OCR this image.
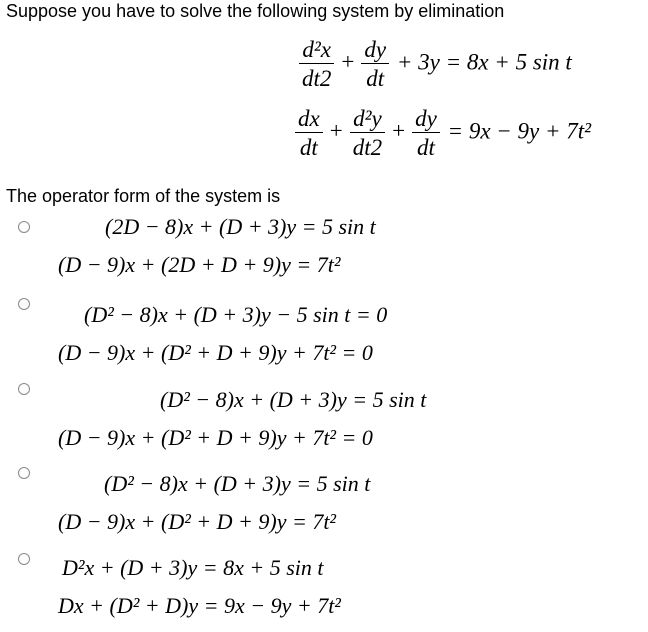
Suppose you have to solve the following system by elimination
$\frac{\text{d²x}}{dt2} + \frac{dy}{dt} + 3y = 8x + 5$ sin t
$\frac{dx}{dt} + \frac{\text{d²y}}{dt2} + \frac{dy}{dt} = 9x - 9y + 7t^2$
The operator form of the system is
(2D − 8)x + (D + 3)y = 5 sin t
(D − 9)x + (2D + D + 9)y = 7t²
(D² − 8)x + (D + 3)y − 5 sin t = 0
(D − 9)x + (D² + D + 9)y + 7t² = 0
(D² − 8)x + (D + 3)y = 5 sin t
(D − 9)x + (D² + D + 9)y + 7t² = 0
(D² − 8)x + (D + 3)y = 5 sin t
(D − 9)x + (D² + D + 9)y = 7t²
D²x + (D + 3)y = 8x + 5 sin t
Dx + (D² + D)y = 9x − 9y + 7t²
